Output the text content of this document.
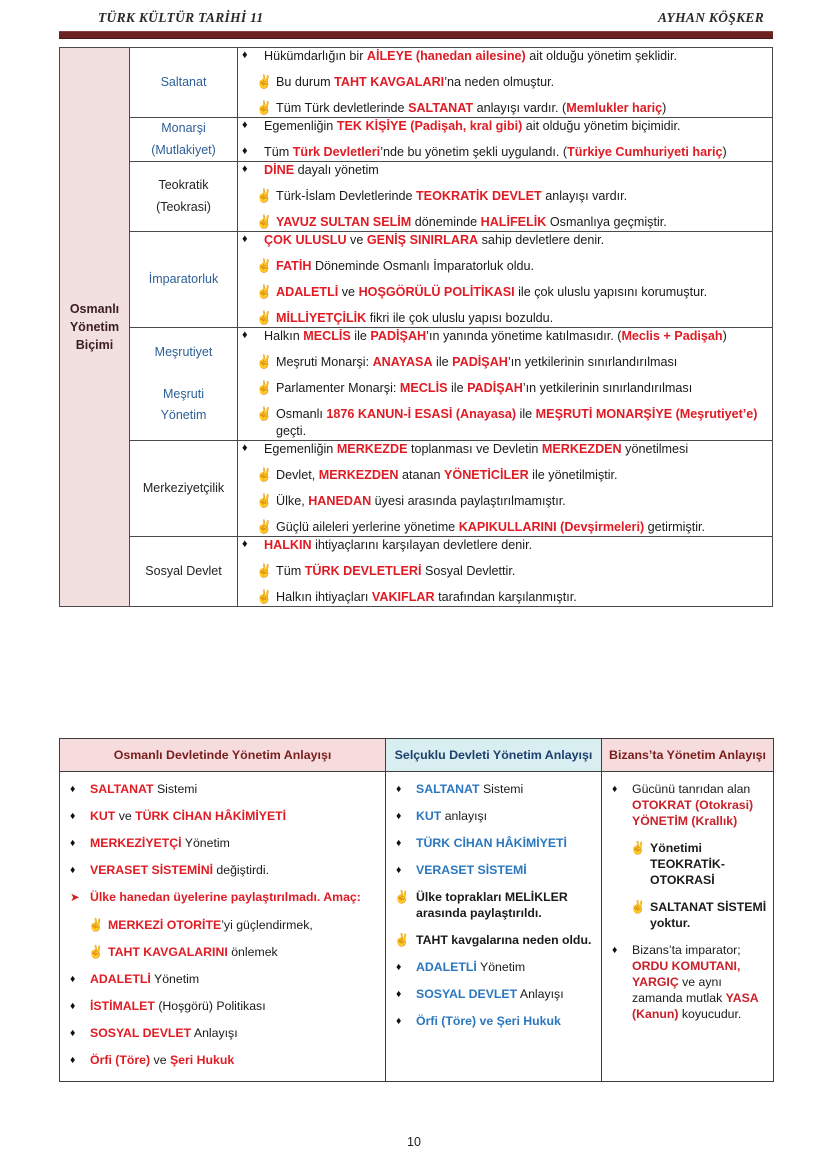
TÜRK KÜLTÜR TARİHİ 11	AYHAN KÖŞKER
Osmanlı
Yönetim
Biçimi

Saltanat

♦	Hükümdarlığın bir AİLEYE (hanedan ailesine) ait olduğu yönetim şeklidir.
✌ Bu durum TAHT KAVGALARI’na neden olmuştur.
✌ Tüm Türk devletlerinde SALTANAT anlayışı vardır. (Memlukler hariç)

Monarşi
(Mutlakiyet)

♦	Egemenliğin TEK KİŞİYE (Padişah, kral gibi) ait olduğu yönetim biçimidir.
♦	Tüm Türk Devletleri’nde bu yönetim şekli uygulandı. (Türkiye Cumhuriyeti hariç)

Teokratik
(Teokrasi)

♦	DİNE dayalı yönetim
✌ Türk-İslam Devletlerinde TEOKRATİK DEVLET anlayışı vardır.
✌ YAVUZ SULTAN SELİM döneminde HALİFELİK Osmanlıya geçmiştir.

İmparatorluk

♦	ÇOK ULUSLU ve GENİŞ SINIRLARA sahip devletlere denir.
✌ FATİH Döneminde Osmanlı İmparatorluk oldu.
✌ ADALETLİ ve HOŞGÖRÜLÜ POLİTİKASI ile çok uluslu yapısını korumuştur.
✌ MİLLİYETÇİLİK fikri ile çok uluslu yapısı bozuldu.

Meşrutiyet

Meşruti
Yönetim

♦	Halkın MECLİS ile PADİŞAH’ın yanında yönetime katılmasıdır. (Meclis + Padişah)
✌ Meşruti Monarşi: ANAYASA ile PADİŞAH’ın yetkilerinin sınırlandırılması
✌ Parlamenter Monarşi: MECLİS ile PADİŞAH’ın yetkilerinin sınırlandırılması
✌ Osmanlı 1876 KANUN-İ ESASİ (Anayasa) ile MEŞRUTİ MONARŞİYE (Meşrutiyet’e) geçti.

Merkeziyetçilik

♦	Egemenliğin MERKEZDE toplanması ve Devletin MERKEZDEN yönetilmesi
✌ Devlet, MERKEZDEN atanan YÖNETİCİLER ile yönetilmiştir.
✌ Ülke, HANEDAN üyesi arasında paylaştırılmamıştır.
✌ Güçlü aileleri yerlerine yönetime KAPIKULLARINI (Devşirmeleri) getirmiştir.

Sosyal Devlet

♦	HALKIN ihtiyaçlarını karşılayan devletlere denir.
✌ Tüm TÜRK DEVLETLERİ Sosyal Devlettir.
✌ Halkın ihtiyaçları VAKIFLAR tarafından karşılanmıştır.
Osmanlı Devletinde Yönetim Anlayışı	Selçuklu Devleti Yönetim Anlayışı	Bizans’ta Yönetim Anlayışı

♦	SALTANAT Sistemi
♦	KUT ve TÜRK CİHAN HÂKİMİYETİ
♦	MERKEZİYETÇİ Yönetim
♦	VERASET SİSTEMİNİ değiştirdi.
➤ Ülke hanedan üyelerine paylaştırılmadı. Amaç:
✌ MERKEZİ OTORİTE’yi güçlendirmek,
✌ TAHT KAVGALARINI önlemek
♦	ADALETLİ Yönetim
♦	İSTİMALET (Hoşgörü) Politikası
♦	SOSYAL DEVLET Anlayışı
♦	Örfi (Töre) ve Şeri Hukuk

♦	SALTANAT Sistemi
♦	KUT anlayışı
♦	TÜRK CİHAN HÂKİMİYETİ
♦	VERASET SİSTEMİ
✌ Ülke toprakları MELİKLER arasında paylaştırıldı.
✌ TAHT kavgalarına neden oldu.
♦	ADALETLİ Yönetim
♦	SOSYAL DEVLET Anlayışı
♦	Örfi (Töre) ve Şeri Hukuk

♦	Gücünü tanrıdan alan OTOKRAT (Otokrasi) YÖNETİM (Krallık)
✌ Yönetimi TEOKRATİK-OTOKRASİ
✌ SALTANAT SİSTEMİ yoktur.
♦	Bizans’ta imparator; ORDU KOMUTANI, YARGIÇ ve aynı zamanda mutlak YASA (Kanun) koyucudur.
10
